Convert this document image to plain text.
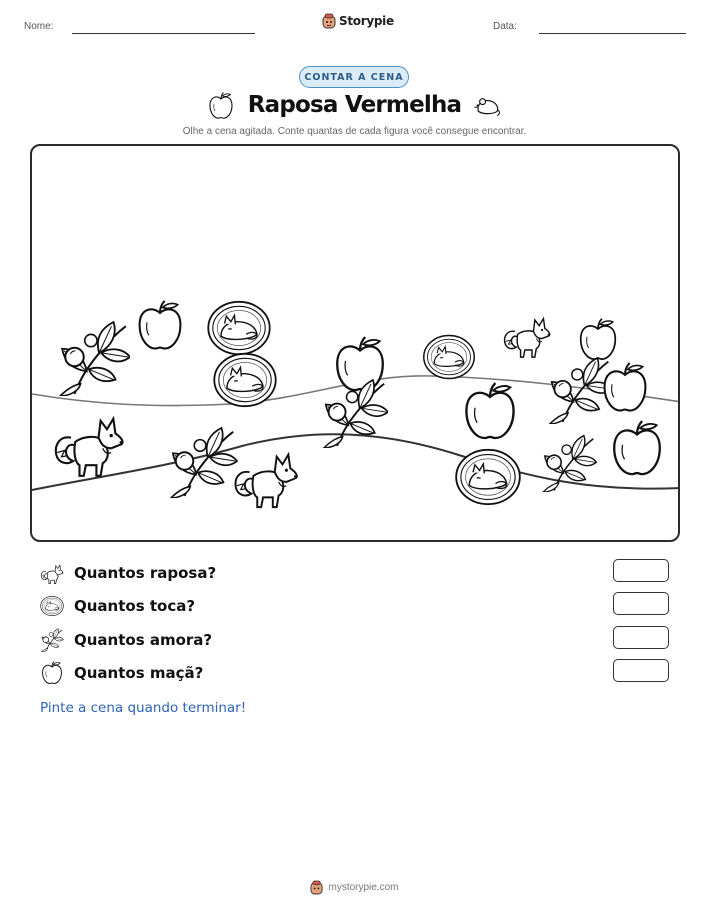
Nome:	Storypie	Data:
CONTAR A CENA
Raposa Vermelha
Olhe a cena agitada. Conte quantas de cada figura você consegue encontrar.
Quantos raposa?
Quantos toca?
Quantos amora?
Quantos maçã?
Pinte a cena quando terminar!
mystorypie.com
